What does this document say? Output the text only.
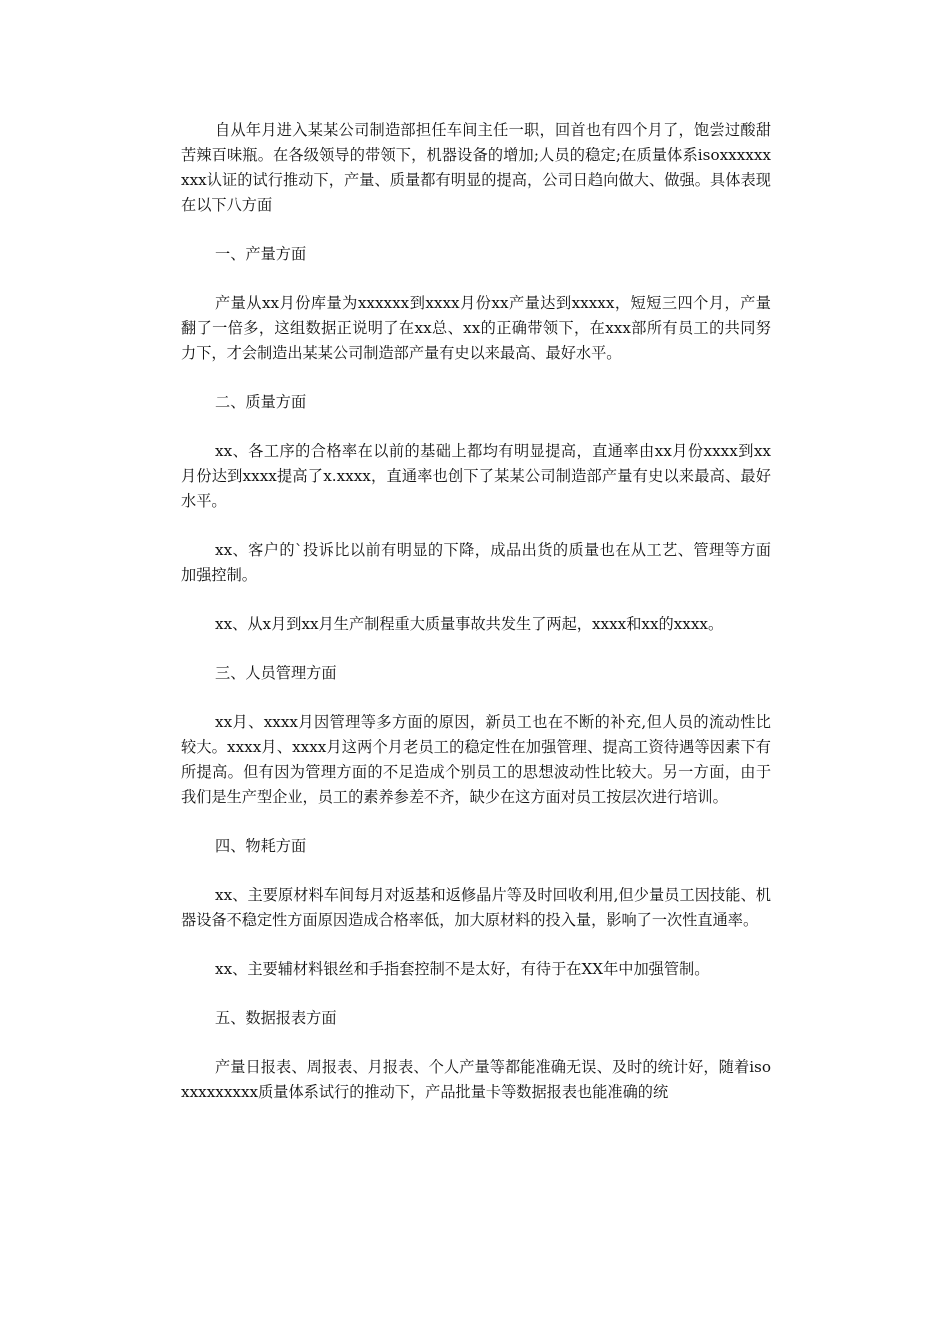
自从年月进入某某公司制造部担任车间主任一职，回首也有四个月了，饱尝过酸甜苦辣百味瓶。在各级领导的带领下，机器设备的增加;人员的稳定;在质量体系isoxxxxxxxxx认证的试行推动下，产量、质量都有明显的提高，公司日趋向做大、做强。具体表现在以下八方面

一、产量方面

产量从xx月份库量为xxxxxx到xxxx月份xx产量达到xxxxx，短短三四个月，产量翻了一倍多，这组数据正说明了在xx总、xx的正确带领下，在xxx部所有员工的共同努力下，才会制造出某某公司制造部产量有史以来最高、最好水平。

二、质量方面

xx、各工序的合格率在以前的基础上都均有明显提高，直通率由xx月份xxxx到xx月份达到xxxx提高了x.xxxx，直通率也创下了某某公司制造部产量有史以来最高、最好水平。

xx、客户的`投诉比以前有明显的下降，成品出货的质量也在从工艺、管理等方面加强控制。

xx、从x月到xx月生产制程重大质量事故共发生了两起，xxxx和xx的xxxx。

三、人员管理方面

xx月、xxxx月因管理等多方面的原因，新员工也在不断的补充,但人员的流动性比较大。xxxx月、xxxx月这两个月老员工的稳定性在加强管理、提高工资待遇等因素下有所提高。但有因为管理方面的不足造成个别员工的思想波动性比较大。另一方面，由于我们是生产型企业，员工的素养参差不齐，缺少在这方面对员工按层次进行培训。

四、物耗方面

xx、主要原材料车间每月对返基和返修晶片等及时回收利用,但少量员工因技能、机器设备不稳定性方面原因造成合格率低，加大原材料的投入量，影响了一次性直通率。

xx、主要辅材料银丝和手指套控制不是太好，有待于在XX年中加强管制。

五、数据报表方面

产量日报表、周报表、月报表、个人产量等都能准确无误、及时的统计好，随着isoxxxxxxxxx质量体系试行的推动下，产品批量卡等数据报表也能准确的统
